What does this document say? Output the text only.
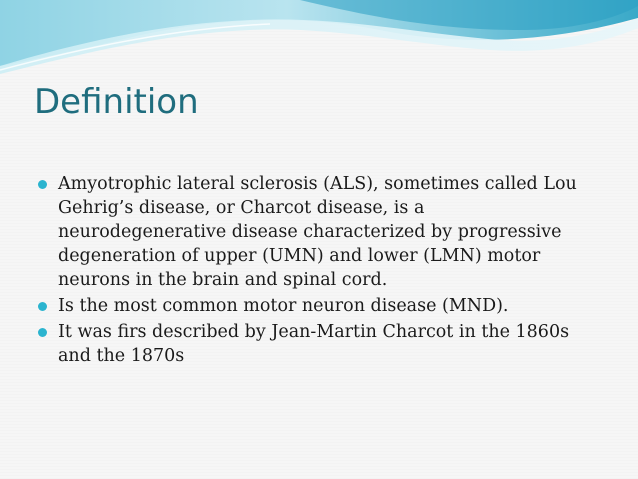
Definition
Amyotrophic lateral sclerosis (ALS), sometimes called Lou Gehrig’s disease, or Charcot disease, is a neurodegenerative disease characterized by progressive degeneration of upper (UMN) and lower (LMN) motor neurons in the brain and spinal cord.
Is the most common motor neuron disease (MND).
It was firs described by Jean-Martin Charcot in the 1860s and the 1870s
